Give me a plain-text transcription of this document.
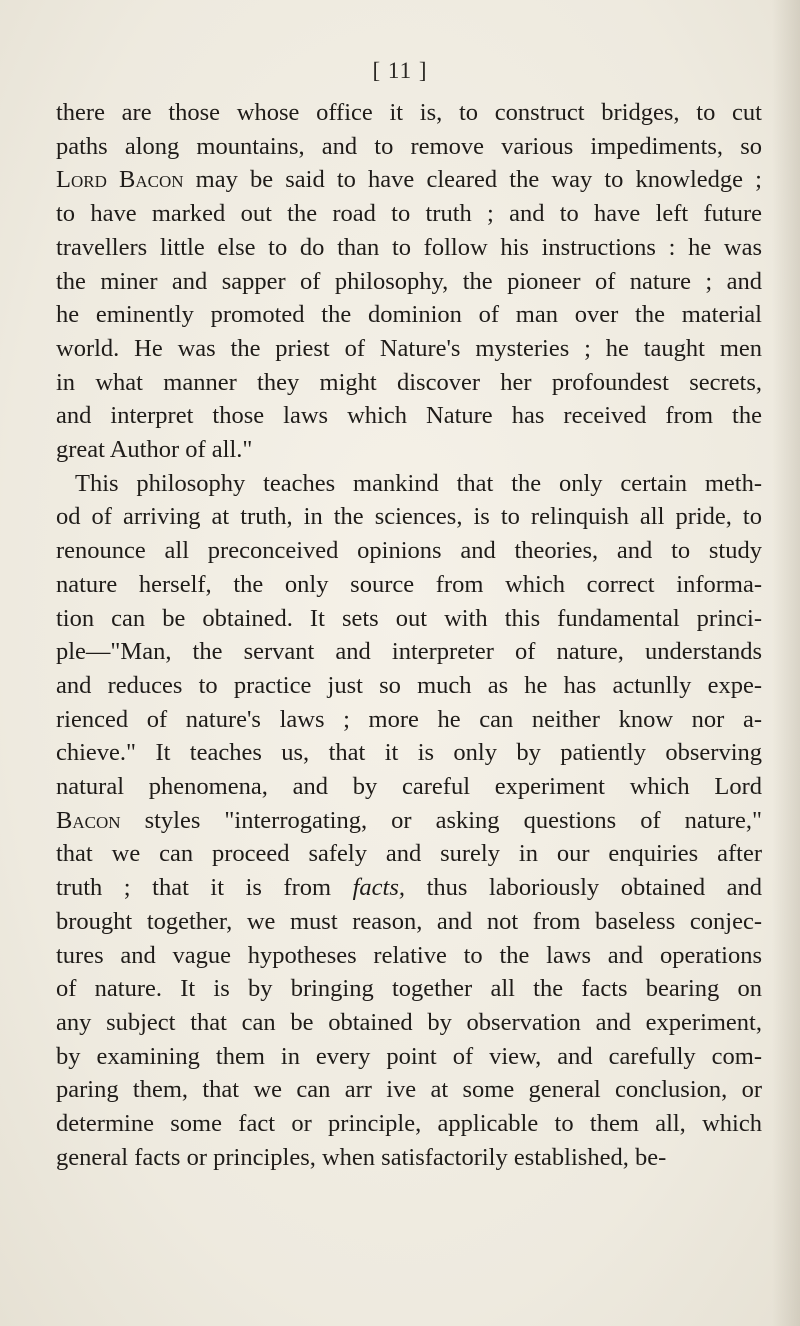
[ 11 ]
there are those whose office it is, to construct bridges, to cut
paths along mountains, and to remove various impediments, so
Lord Bacon may be said to have cleared the way to knowledge ;
to have marked out the road to truth ; and to have left future
travellers little else to do than to follow his instructions : he was
the miner and sapper of philosophy, the pioneer of nature ; and
he eminently promoted the dominion of man over the material
world. He was the priest of Nature's mysteries ; he taught men
in what manner they might discover her profoundest secrets,
and interpret those laws which Nature has received from the
great Author of all."
This philosophy teaches mankind that the only certain meth-
od of arriving at truth, in the sciences, is to relinquish all pride, to
renounce all preconceived opinions and theories, and to study
nature herself, the only source from which correct informa-
tion can be obtained. It sets out with this fundamental princi-
ple—"Man, the servant and interpreter of nature, understands
and reduces to practice just so much as he has actunlly expe-
rienced of nature's laws ; more he can neither know nor a-
chieve." It teaches us, that it is only by patiently observing
natural phenomena, and by careful experiment which Lord
Bacon styles "interrogating, or asking questions of nature,"
that we can proceed safely and surely in our enquiries after
truth ; that it is from facts, thus laboriously obtained and
brought together, we must reason, and not from baseless conjec-
tures and vague hypotheses relative to the laws and operations
of nature. It is by bringing together all the facts bearing on
any subject that can be obtained by observation and experiment,
by examining them in every point of view, and carefully com-
paring them, that we can arr ive at some general conclusion, or
determine some fact or principle, applicable to them all, which
general facts or principles, when satisfactorily established, be-
